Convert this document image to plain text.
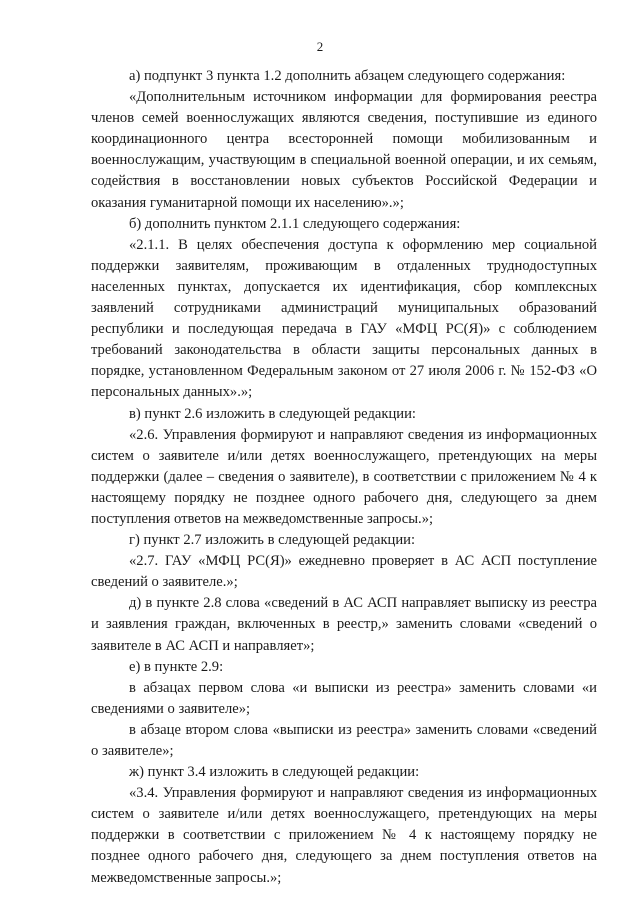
2

а) подпункт 3 пункта 1.2 дополнить абзацем следующего содержания:

«Дополнительным источником информации для формирования реестра членов семей военнослужащих являются сведения, поступившие из единого координационного центра всесторонней помощи мобилизованным и военнослужащим, участвующим в специальной военной операции, и их семьям, содействия в восстановлении новых субъектов Российской Федерации и оказания гуманитарной помощи их населению».»;

б) дополнить пунктом 2.1.1 следующего содержания:

«2.1.1. В целях обеспечения доступа к оформлению мер социальной поддержки заявителям, проживающим в отдаленных труднодоступных населенных пунктах, допускается их идентификация, сбор комплексных заявлений сотрудниками администраций муниципальных образований республики и последующая передача в ГАУ «МФЦ РС(Я)» с соблюдением требований законодательства в области защиты персональных данных в порядке, установленном Федеральным законом от 27 июля 2006 г. № 152-ФЗ «О персональных данных».»;

в) пункт 2.6 изложить в следующей редакции:

«2.6. Управления формируют и направляют сведения из информационных систем о заявителе и/или детях военнослужащего, претендующих на меры поддержки (далее – сведения о заявителе), в соответствии с приложением № 4 к настоящему порядку не позднее одного рабочего дня, следующего за днем поступления ответов на межведомственные запросы.»;

г) пункт 2.7 изложить в следующей редакции:

«2.7. ГАУ «МФЦ РС(Я)» ежедневно проверяет в АС АСП поступление сведений о заявителе.»;

д) в пункте 2.8 слова «сведений в АС АСП направляет выписку из реестра и заявления граждан, включенных в реестр,» заменить словами «сведений о заявителе в АС АСП и направляет»;

е) в пункте 2.9:

в абзацах первом слова «и выписки из реестра» заменить словами «и сведениями о заявителе»;

в абзаце втором слова «выписки из реестра» заменить словами «сведений о заявителе»;

ж) пункт 3.4 изложить в следующей редакции:

«3.4. Управления формируют и направляют сведения из информационных систем о заявителе и/или детях военнослужащего, претендующих на меры поддержки в соответствии с приложением № 4 к настоящему порядку не позднее одного рабочего дня, следующего за днем поступления ответов на межведомственные запросы.»;
